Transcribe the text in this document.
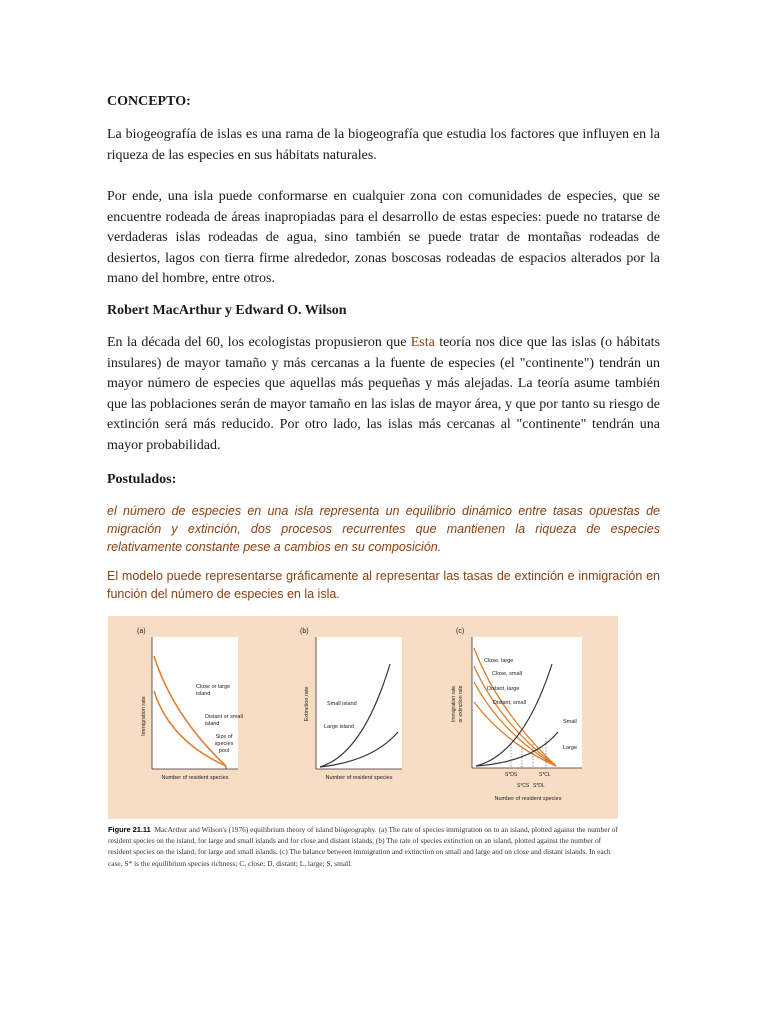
CONCEPTO:
La biogeografía de islas es una rama de la biogeografía que estudia los factores que influyen en la riqueza de las especies en sus hábitats naturales.
Por ende, una isla puede conformarse en cualquier zona con comunidades de especies, que se encuentre rodeada de áreas inapropiadas para el desarrollo de estas especies: puede no tratarse de verdaderas islas rodeadas de agua, sino también se puede tratar de montañas rodeadas de desiertos, lagos con tierra firme alrededor, zonas boscosas rodeadas de espacios alterados por la mano del hombre, entre otros.
Robert MacArthur y Edward O. Wilson
En la década del 60, los ecologistas propusieron que Esta teoría nos dice que las islas (o hábitats insulares) de mayor tamaño y más cercanas a la fuente de especies (el "continente") tendrán un mayor número de especies que aquellas más pequeñas y más alejadas. La teoría asume también que las poblaciones serán de mayor tamaño en las islas de mayor área, y que por tanto su riesgo de extinción será más reducido. Por otro lado, las islas más cercanas al "continente" tendrán una mayor probabilidad.
Postulados:
el número de especies en una isla representa un equilibrio dinámico entre tasas opuestas de migración y extinción, dos procesos recurrentes que mantienen la riqueza de especies relativamente constante pese a cambios en su composición.
El modelo puede representarse gráficamente al representar las tasas de extinción e inmigración en función del número de especies en la isla.
(a)
Close or large
island
Distant or small
island
Size of
species
pool
Immigration rate
Number of resident species
(b)
Small island
Large island
Extinction rate
Number of resident species
(c)
Close, large
Close, small
Distant, large
Distant, small
Small
Large
S*DS	S*CL
S*CS S*DL
Immigration rate or extinction rate
Number of resident species
Figure 21.11 MacArthur and Wilson's (1976) equilibrium theory of island biogeography. (a) The rate of species immigration on to an island, plotted against the number of resident species on the island, for large and small islands and for close and distant islands. (b) The rate of species extinction on an island, plotted against the number of resident species on the island, for large and small islands. (c) The balance between immigration and extinction on small and large and on close and distant islands. In each case, S* is the equilibrium species richness; C, close; D, distant; L, large; S, small.
